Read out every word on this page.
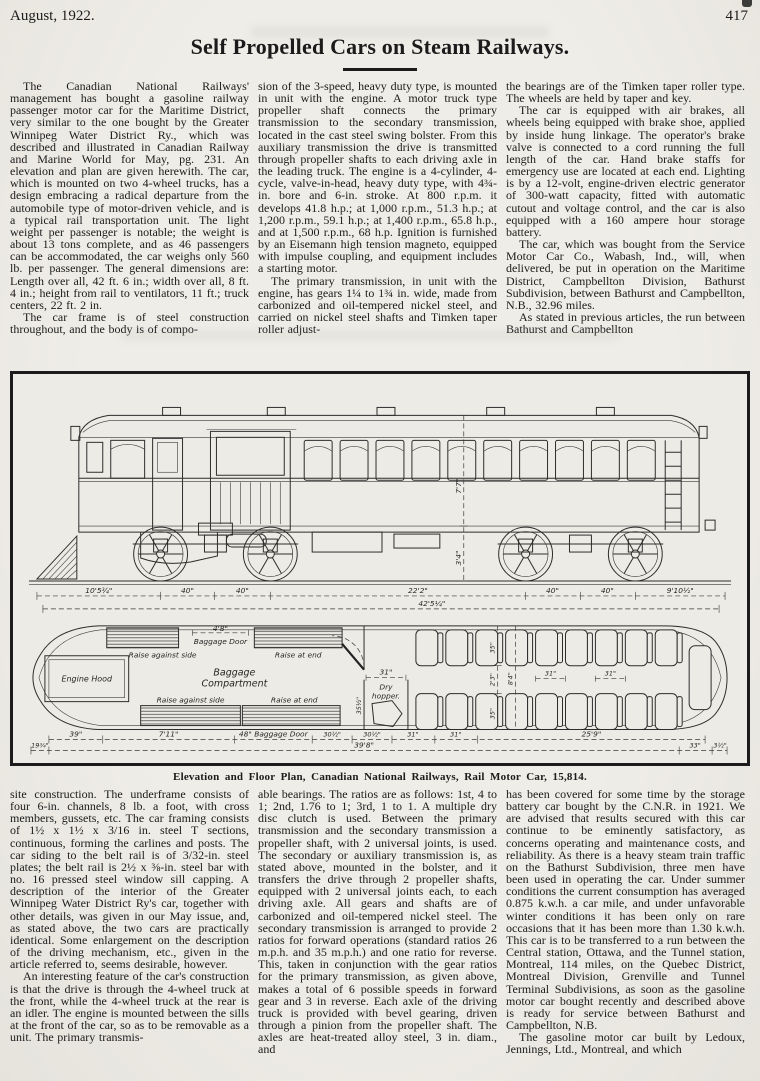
August, 1922.	417
Self Propelled Cars on Steam Railways.

The Canadian National Railways' management has bought a gasoline railway passenger motor car for the Maritime District, very similar to the one bought by the Greater Winnipeg Water District Ry., which was described and illustrated in Canadian Railway and Marine World for May, pg. 231. An elevation and plan are given herewith. The car, which is mounted on two 4-wheel trucks, has a design embracing a radical departure from the automobile type of motor-driven vehicle, and is a typical rail transportation unit. The light weight per passenger is notable; the weight is about 13 tons complete, and as 46 passengers can be accommodated, the car weighs only 560 lb. per passenger. The general dimensions are: Length over all, 42 ft. 6 in.; width over all, 8 ft. 4 in.; height from rail to ventilators, 11 ft.; truck centers, 22 ft. 2 in.

The car frame is of steel construction throughout, and the body is of compo-

sion of the 3-speed, heavy duty type, is mounted in unit with the engine. A motor truck type propeller shaft connects the primary transmission to the secondary transmission, located in the cast steel swing bolster. From this auxiliary transmission the drive is transmitted through propeller shafts to each driving axle in the leading truck. The engine is a 4-cylinder, 4-cycle, valve-in-head, heavy duty type, with 4¾-in. bore and 6-in. stroke. At 800 r.p.m. it develops 41.8 h.p.; at 1,000 r.p.m., 51.3 h.p.; at 1,200 r.p.m., 59.1 h.p.; at 1,400 r.p.m., 65.8 h.p., and at 1,500 r.p.m., 68 h.p. Ignition is furnished by an Eisemann high tension magneto, equipped with impulse coupling, and equipment includes a starting motor.

The primary transmission, in unit with the engine, has gears 1¼ to 1¾ in. wide, made from carbonized and oil-tempered nickel steel, and carried on nickel steel shafts and Timken taper roller adjust-

the bearings are of the Timken taper roller type. The wheels are held by taper and key.

The car is equipped with air brakes, all wheels being equipped with brake shoe, applied by inside hung linkage. The operator's brake valve is connected to a cord running the full length of the car. Hand brake staffs for emergency use are located at each end. Lighting is by a 12-volt, engine-driven electric generator of 300-watt capacity, fitted with automatic cutout and voltage control, and the car is also equipped with a 160 ampere hour storage battery.

The car, which was bought from the Service Motor Car Co., Wabash, Ind., will, when delivered, be put in operation on the Maritime District, Campbellton Division, Bathurst Subdivision, between Bathurst and Campbellton, N.B., 32.96 miles.

As stated in previous articles, the run between Bathurst and Campbellton

7'7"
3'4"
10'5¾"	40"	40"	22'2"	40"	40"	9'10½"
42'5¼"
Engine Hood
Raise against side	Raise at end
Raise against side	Raise at end
4'8"
Baggage Door
Baggage
Compartment
31"
Dry
hopper.
35½"
35"
2'3"
35"
8'4"	31"	31"
39"	7'11"	48" Baggage Door 30½"	30½"	31"	31"	25'9"
19¾"	39'8"	33" 3½"
Elevation and Floor Plan, Canadian National Railways, Rail Motor Car, 15,814.

site construction. The underframe consists of four 6-in. channels, 8 lb. a foot, with cross members, gussets, etc. The car framing consists of 1½ x 1½ x 3/16 in. steel T sections, continuous, forming the carlines and posts. The car siding to the belt rail is of 3/32-in. steel plates; the belt rail is 2½ x ⅜-in. steel bar with no. 16 pressed steel window sill capping. A description of the interior of the Greater Winnipeg Water District Ry's car, together with other details, was given in our May issue, and, as stated above, the two cars are practically identical. Some enlargement on the description of the driving mechanism, etc., given in the article referred to, seems desirable, however.

An interesting feature of the car's construction is that the drive is through the 4-wheel truck at the front, while the 4-wheel truck at the rear is an idler. The engine is mounted between the sills at the front of the car, so as to be removable as a unit. The primary transmis-

able bearings. The ratios are as follows: 1st, 4 to 1; 2nd, 1.76 to 1; 3rd, 1 to 1. A multiple dry disc clutch is used. Between the primary transmission and the secondary transmission a propeller shaft, with 2 universal joints, is used. The secondary or auxiliary transmission is, as stated above, mounted in the bolster, and it transfers the drive through 2 propeller shafts, equipped with 2 universal joints each, to each driving axle. All gears and shafts are of carbonized and oil-tempered nickel steel. The secondary transmission is arranged to provide 2 ratios for forward operations (standard ratios 26 m.p.h. and 35 m.p.h.) and one ratio for reverse. This, taken in conjunction with the gear ratios for the primary transmission, as given above, makes a total of 6 possible speeds in forward gear and 3 in reverse. Each axle of the driving truck is provided with bevel gearing, driven through a pinion from the propeller shaft. The axles are heat-treated alloy steel, 3 in. diam., and

has been covered for some time by the storage battery car bought by the C.N.R. in 1921. We are advised that results secured with this car continue to be eminently satisfactory, as concerns operating and maintenance costs, and reliability. As there is a heavy steam train traffic on the Bathurst Subdivision, three men have been used in operating the car. Under summer conditions the current consumption has averaged 0.875 k.w.h. a car mile, and under unfavorable winter conditions it has been only on rare occasions that it has been more than 1.30 k.w.h. This car is to be transferred to a run between the Central station, Ottawa, and the Tunnel station, Montreal, 114 miles, on the Quebec District, Montreal Division, Grenville and Tunnel Terminal Subdivisions, as soon as the gasoline motor car bought recently and described above is ready for service between Bathurst and Campbellton, N.B.

The gasoline motor car built by Ledoux, Jennings, Ltd., Montreal, and which
